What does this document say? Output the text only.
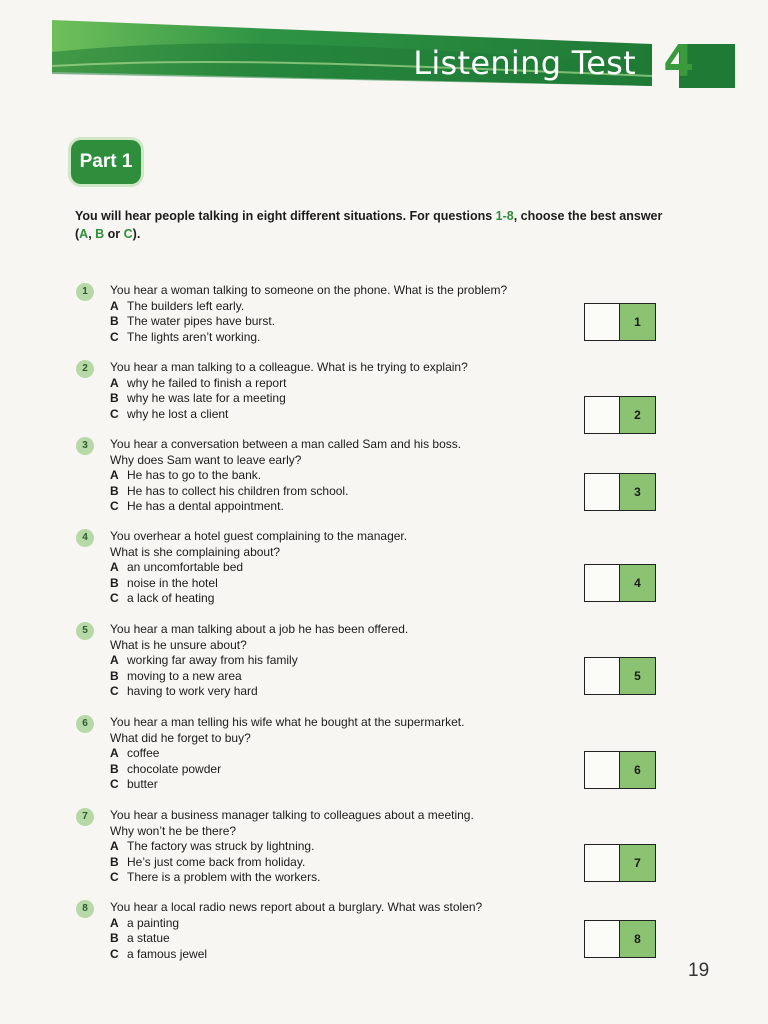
Listening Test 4
Part 1
You will hear people talking in eight different situations. For questions 1-8, choose the best answer (A, B or C).
1	You hear a woman talking to someone on the phone. What is the problem?
A The builders left early.
B The water pipes have burst.
C The lights aren’t working.
1
2	You hear a man talking to a colleague. What is he trying to explain?
A why he failed to finish a report
B why he was late for a meeting
C why he lost a client	2
3	You hear a conversation between a man called Sam and his boss.
Why does Sam want to leave early?
A He has to go to the bank.
B He has to collect his children from school.
C He has a dental appointment.
3
4	You overhear a hotel guest complaining to the manager.
What is she complaining about?
A an uncomfortable bed
B noise in the hotel
C a lack of heating
4
5	You hear a man talking about a job he has been offered.
What is he unsure about?
A working far away from his family
B moving to a new area
C having to work very hard
5
6	You hear a man telling his wife what he bought at the supermarket.
What did he forget to buy?
A coffee
B chocolate powder
C butter
6
7	You hear a business manager talking to colleagues about a meeting.
Why won’t he be there?
A The factory was struck by lightning.
B He’s just come back from holiday.
C There is a problem with the workers.
7
8	You hear a local radio news report about a burglary. What was stolen?
A a painting
B a statue
C a famous jewel
8
19
